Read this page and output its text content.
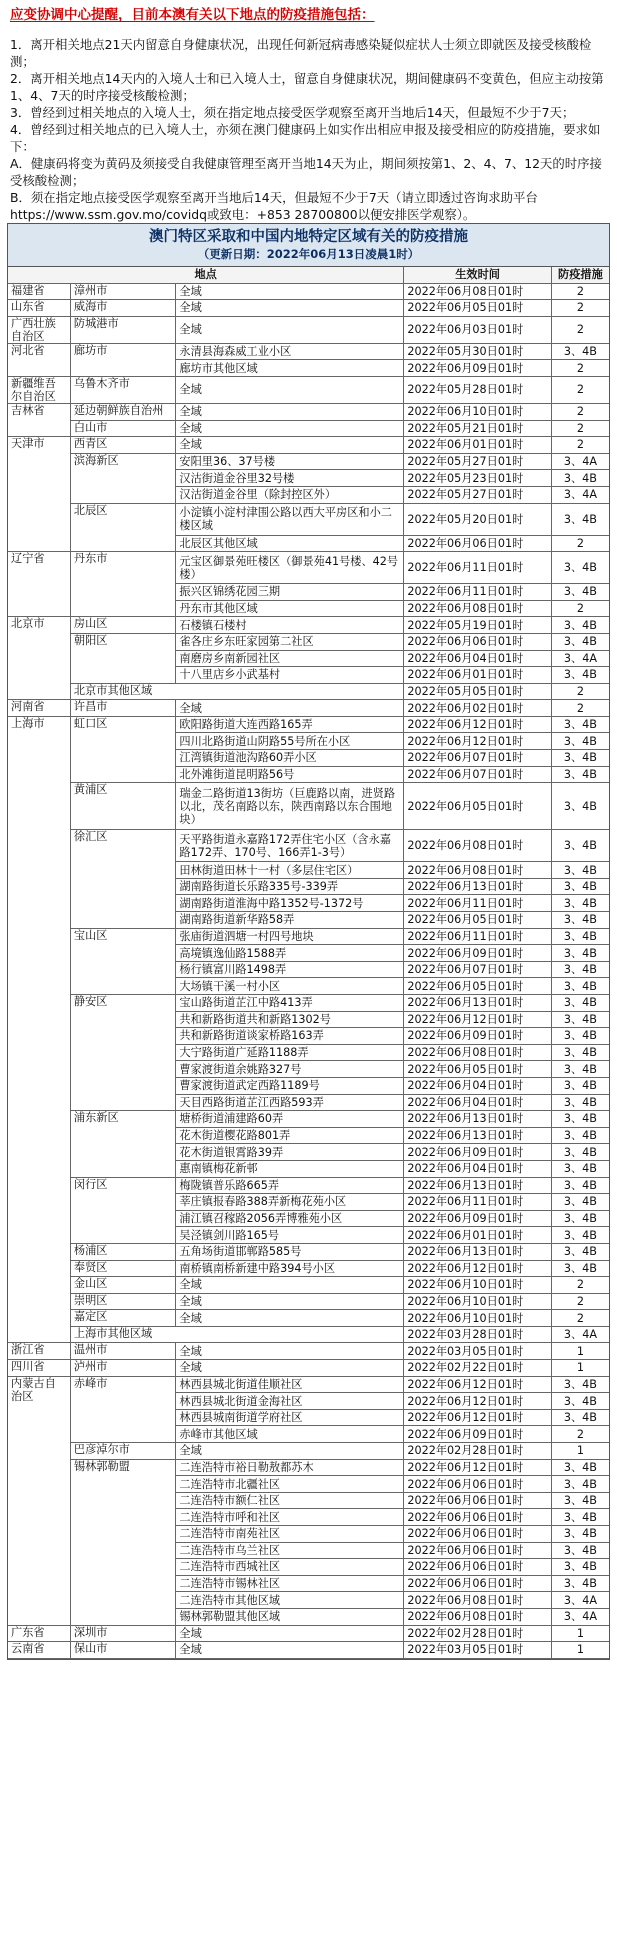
应变协调中心提醒，目前本澳有关以下地点的防疫措施包括：

1．离开相关地点21天内留意自身健康状况，出现任何新冠病毒感染疑似症状人士须立即就医及接受核酸检测；

2．离开相关地点14天内的入境人士和已入境人士，留意自身健康状况，期间健康码不变黄色，但应主动按第1、4、7天的时序接受核酸检测；

3．曾经到过相关地点的入境人士，须在指定地点接受医学观察至离开当地后14天，但最短不少于7天；

4．曾经到过相关地点的已入境人士，亦须在澳门健康码上如实作出相应申报及接受相应的防疫措施，要求如下：

A．健康码将变为黄码及须接受自我健康管理至离开当地14天为止，期间须按第1、2、4、7、12天的时序接受核酸检测；

B．须在指定地点接受医学观察至离开当地后14天，但最短不少于7天（请立即透过咨询求助平台https://www.ssm.gov.mo/covidq或致电：+853 28700800以便安排医学观察）。

澳门特区采取和中国内地特定区域有关的防疫措施
（更新日期：2022年06月13日凌晨1时）
地点			生效时间	防疫措施
福建省	漳州市	全域	2022年06月08日01时	2
山东省	威海市	全域	2022年06月05日01时	2
广西壮族自治区	防城港市	全域	2022年06月03日01时	2
河北省	廊坊市	永清县海森威工业小区	2022年05月30日01时	3、4B
		廊坊市其他区域	2022年06月09日01时	2
新疆维吾尔自治区	乌鲁木齐市	全域	2022年05月28日01时	2
吉林省	延边朝鲜族自治州	全域	2022年06月10日01时	2
	白山市	全域	2022年05月21日01时	2
天津市	西青区	全域	2022年06月01日01时	2
	滨海新区	安阳里36、37号楼	2022年05月27日01时	3、4A
		汉沽街道金谷里32号楼	2022年05月23日01时	3、4B
		汉沽街道金谷里（除封控区外）	2022年05月27日01时	3、4A
	北辰区	小淀镇小淀村津围公路以西大平房区和小二楼区域	2022年05月20日01时	3、4B
		北辰区其他区域	2022年06月06日01时	2
辽宁省	丹东市	元宝区御景苑旺楼区（御景苑41号楼、42号楼）	2022年06月11日01时	3、4B
		振兴区锦绣花园三期	2022年06月11日01时	3、4B
		丹东市其他区域	2022年06月08日01时	2
北京市	房山区	石楼镇石楼村	2022年05月19日01时	3、4B
	朝阳区	雀各庄乡东旺家园第二社区	2022年06月06日01时	3、4B
		南磨房乡南新园社区	2022年06月04日01时	3、4A
		十八里店乡小武基村	2022年06月01日01时	3、4B
	北京市其他区域		2022年05月05日01时	2
河南省	许昌市	全域	2022年06月02日01时	2
上海市	虹口区	欧阳路街道大连西路165弄	2022年06月12日01时	3、4B
		四川北路街道山阴路55号所在小区	2022年06月12日01时	3、4B
		江湾镇街道池沟路60弄小区	2022年06月07日01时	3、4B
		北外滩街道昆明路56号	2022年06月07日01时	3、4B
	黄浦区	瑞金二路街道13街坊（巨鹿路以南，进贤路以北，茂名南路以东，陕西南路以东合围地块）	2022年06月05日01时	3、4B
	徐汇区	天平路街道永嘉路172弄住宅小区（含永嘉路172弄、170号、166弄1-3号）	2022年06月08日01时	3、4B
		田林街道田林十一村（多层住宅区）	2022年06月08日01时	3、4B
		湖南路街道长乐路335号-339弄	2022年06月13日01时	3、4B
		湖南路街道淮海中路1352号-1372号	2022年06月11日01时	3、4B
		湖南路街道新华路58弄	2022年06月05日01时	3、4B
	宝山区	张庙街道泗塘一村四号地块	2022年06月11日01时	3、4B
		高境镇逸仙路1588弄	2022年06月09日01时	3、4B
		杨行镇富川路1498弄	2022年06月07日01时	3、4B
		大场镇干溪一村小区	2022年06月05日01时	3、4B
	静安区	宝山路街道芷江中路413弄	2022年06月13日01时	3、4B
		共和新路街道共和新路1302号	2022年06月12日01时	3、4B
		共和新路街道谈家桥路163弄	2022年06月09日01时	3、4B
		大宁路街道广延路1188弄	2022年06月08日01时	3、4B
		曹家渡街道余姚路327号	2022年06月05日01时	3、4B
		曹家渡街道武定西路1189号	2022年06月04日01时	3、4B
		天目西路街道芷江西路593弄	2022年06月04日01时	3、4B
	浦东新区	塘桥街道浦建路60弄	2022年06月13日01时	3、4B
		花木街道樱花路801弄	2022年06月13日01时	3、4B
		花木街道银霄路39弄	2022年06月09日01时	3、4B
		惠南镇梅花新邨	2022年06月04日01时	3、4B
	闵行区	梅陇镇普乐路665弄	2022年06月13日01时	3、4B
		莘庄镇报春路388弄新梅花苑小区	2022年06月11日01时	3、4B
		浦江镇召稼路2056弄博雅苑小区	2022年06月09日01时	3、4B
		吴泾镇剑川路165号	2022年06月01日01时	3、4B
	杨浦区	五角场街道邯郸路585号	2022年06月13日01时	3、4B
	奉贤区	南桥镇南桥新建中路394号小区	2022年06月12日01时	3、4B
	金山区	全域	2022年06月10日01时	2
	崇明区	全域	2022年06月10日01时	2
	嘉定区	全域	2022年06月10日01时	2
	上海市其他区域		2022年03月28日01时	3、4A
浙江省	温州市	全域	2022年03月05日01时	1
四川省	泸州市	全域	2022年02月22日01时	1
内蒙古自治区	赤峰市	林西县城北街道佳顺社区	2022年06月12日01时	3、4B
		林西县城北街道金海社区	2022年06月12日01时	3、4B
		林西县城南街道学府社区	2022年06月12日01时	3、4B
		赤峰市其他区域	2022年06月09日01时	2
	巴彦淖尔市	全域	2022年02月28日01时	1
	锡林郭勒盟	二连浩特市裕日勒敖都苏木	2022年06月12日01时	3、4B
		二连浩特市北疆社区	2022年06月06日01时	3、4B
		二连浩特市额仁社区	2022年06月06日01时	3、4B
		二连浩特市呼和社区	2022年06月06日01时	3、4B
		二连浩特市南苑社区	2022年06月06日01时	3、4B
		二连浩特市乌兰社区	2022年06月06日01时	3、4B
		二连浩特市西城社区	2022年06月06日01时	3、4B
		二连浩特市锡林社区	2022年06月06日01时	3、4B
		二连浩特市其他区域	2022年06月08日01时	3、4A
		锡林郭勒盟其他区域	2022年06月08日01时	3、4A
广东省	深圳市	全域	2022年02月28日01时	1
云南省	保山市	全域	2022年03月05日01时	1
